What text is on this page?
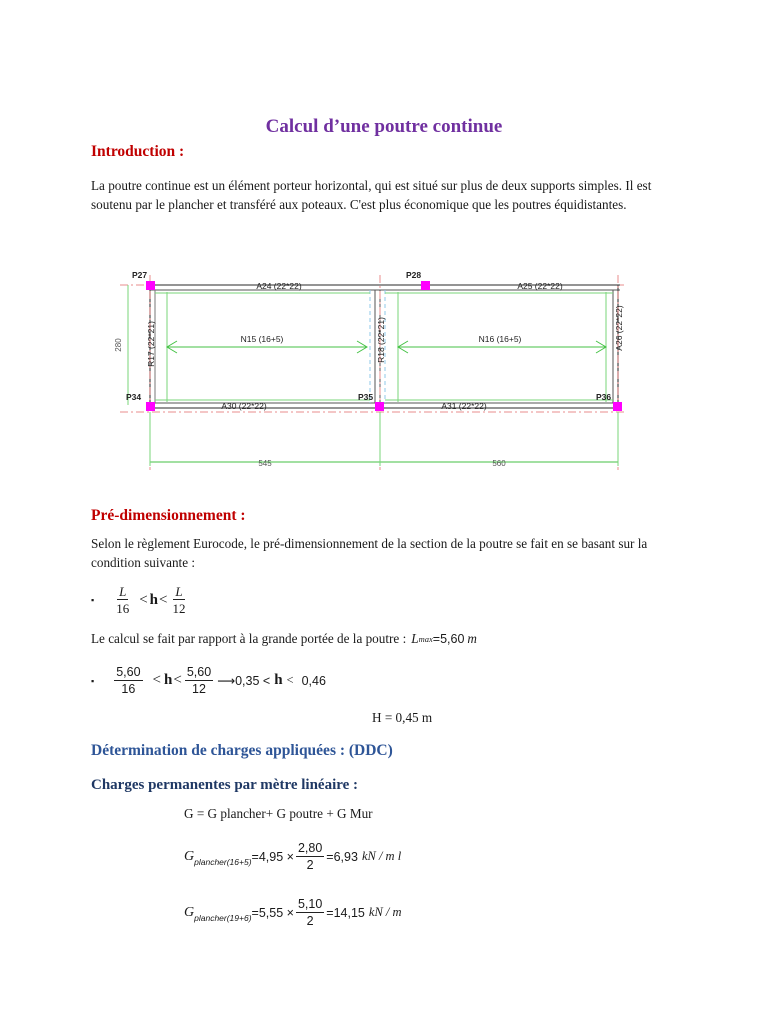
Calcul d’une poutre continue
Introduction :
La poutre continue est un élément porteur horizontal, qui est situé sur plus de deux supports simples. Il est soutenu par le plancher et transféré aux poteaux. C'est plus économique que les poutres équidistantes.
280
545	560
P27	P28
P34	P35	P36
A24 (22*22)	A25 (22*22)
A30 (22*22)	A31 (22*22)
R17 (22*21)	R18 (22*21)	A26 (22*22)
N15 (16+5)	N16 (16+5)
Pré-dimensionnement :
Selon le règlement Eurocode, le pré-dimensionnement de la section de la poutre se fait en se basant sur la condition suivante :
▪ $\frac{L}{16} < h < \frac{L}{12}$
Le calcul se fait par rapport à la grande portée de la poutre : L max =5,60 m
▪ $\frac{5,60}{16} < h < \frac{5,60}{12}$ ⟶0,35 < h < 0,46
H = 0,45 m
Détermination de charges appliquées : (DDC)
Charges permanentes par mètre linéaire :
G = G plancher+ G poutre + G Mur
$G_{plancher(16+5)} =4,95 \times \frac{2,80}{2} =6,93$ kN / m l
$G_{plancher(19+6)} =5,55 \times \frac{5,10}{2} =14,15$ kN / m
